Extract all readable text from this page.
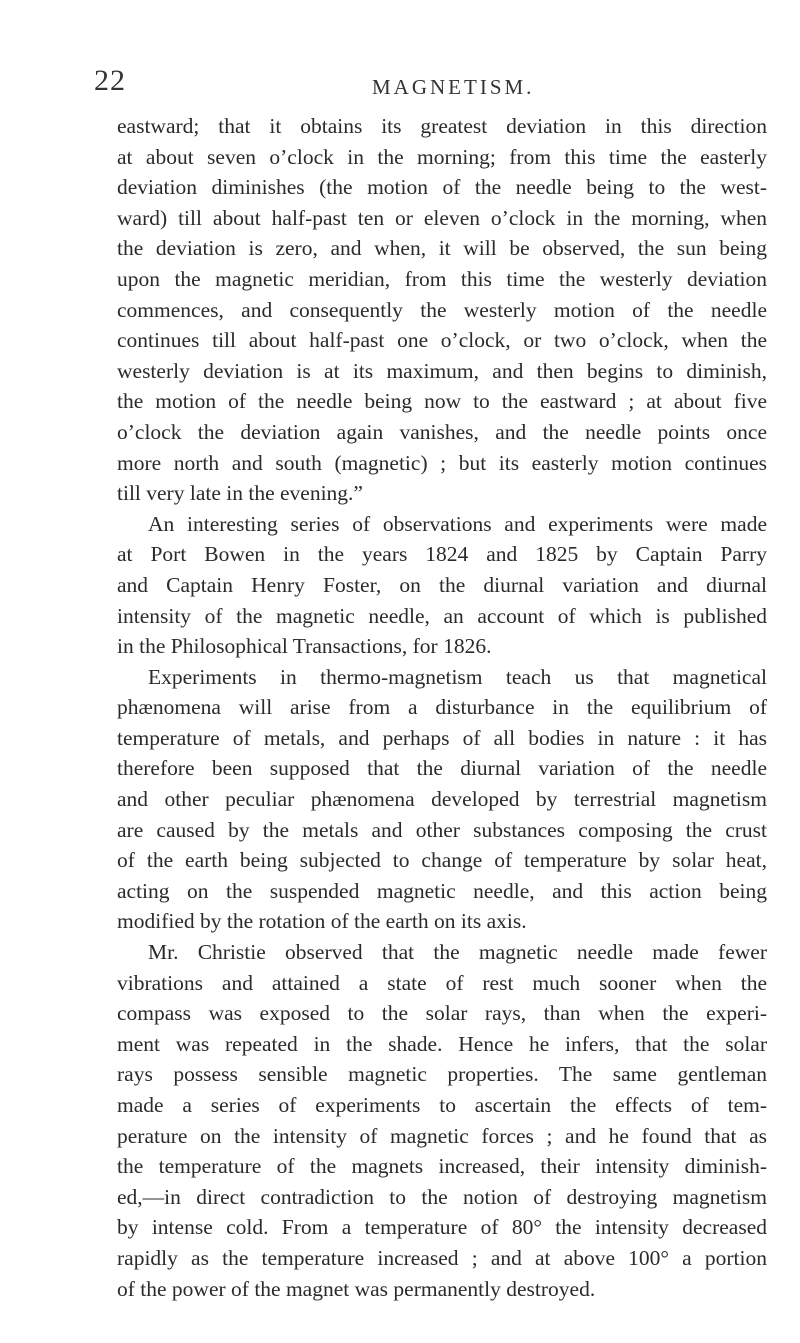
22	MAGNETISM.
eastward; that it obtains its greatest deviation in this direction
at about seven o’clock in the morning; from this time the easterly
deviation diminishes (the motion of the needle being to the west-
ward) till about half-past ten or eleven o’clock in the morning, when
the deviation is zero, and when, it will be observed, the sun being
upon the magnetic meridian, from this time the westerly deviation
commences, and consequently the westerly motion of the needle
continues till about half-past one o’clock, or two o’clock, when the
westerly deviation is at its maximum, and then begins to diminish,
the motion of the needle being now to the eastward ; at about five
o’clock the deviation again vanishes, and the needle points once
more north and south (magnetic) ; but its easterly motion continues
till very late in the evening.”
An interesting series of observations and experiments were made
at Port Bowen in the years 1824 and 1825 by Captain Parry
and Captain Henry Foster, on the diurnal variation and diurnal
intensity of the magnetic needle, an account of which is published
in the Philosophical Transactions, for 1826.
Experiments in thermo-magnetism teach us that magnetical
phænomena will arise from a disturbance in the equilibrium of
temperature of metals, and perhaps of all bodies in nature : it has
therefore been supposed that the diurnal variation of the needle
and other peculiar phænomena developed by terrestrial magnetism
are caused by the metals and other substances composing the crust
of the earth being subjected to change of temperature by solar heat,
acting on the suspended magnetic needle, and this action being
modified by the rotation of the earth on its axis.
Mr. Christie observed that the magnetic needle made fewer
vibrations and attained a state of rest much sooner when the
compass was exposed to the solar rays, than when the experi-
ment was repeated in the shade. Hence he infers, that the solar
rays possess sensible magnetic properties. The same gentleman
made a series of experiments to ascertain the effects of tem-
perature on the intensity of magnetic forces ; and he found that as
the temperature of the magnets increased, their intensity diminish-
ed,—in direct contradiction to the notion of destroying magnetism
by intense cold. From a temperature of 80° the intensity decreased
rapidly as the temperature increased ; and at above 100° a portion
of the power of the magnet was permanently destroyed.
